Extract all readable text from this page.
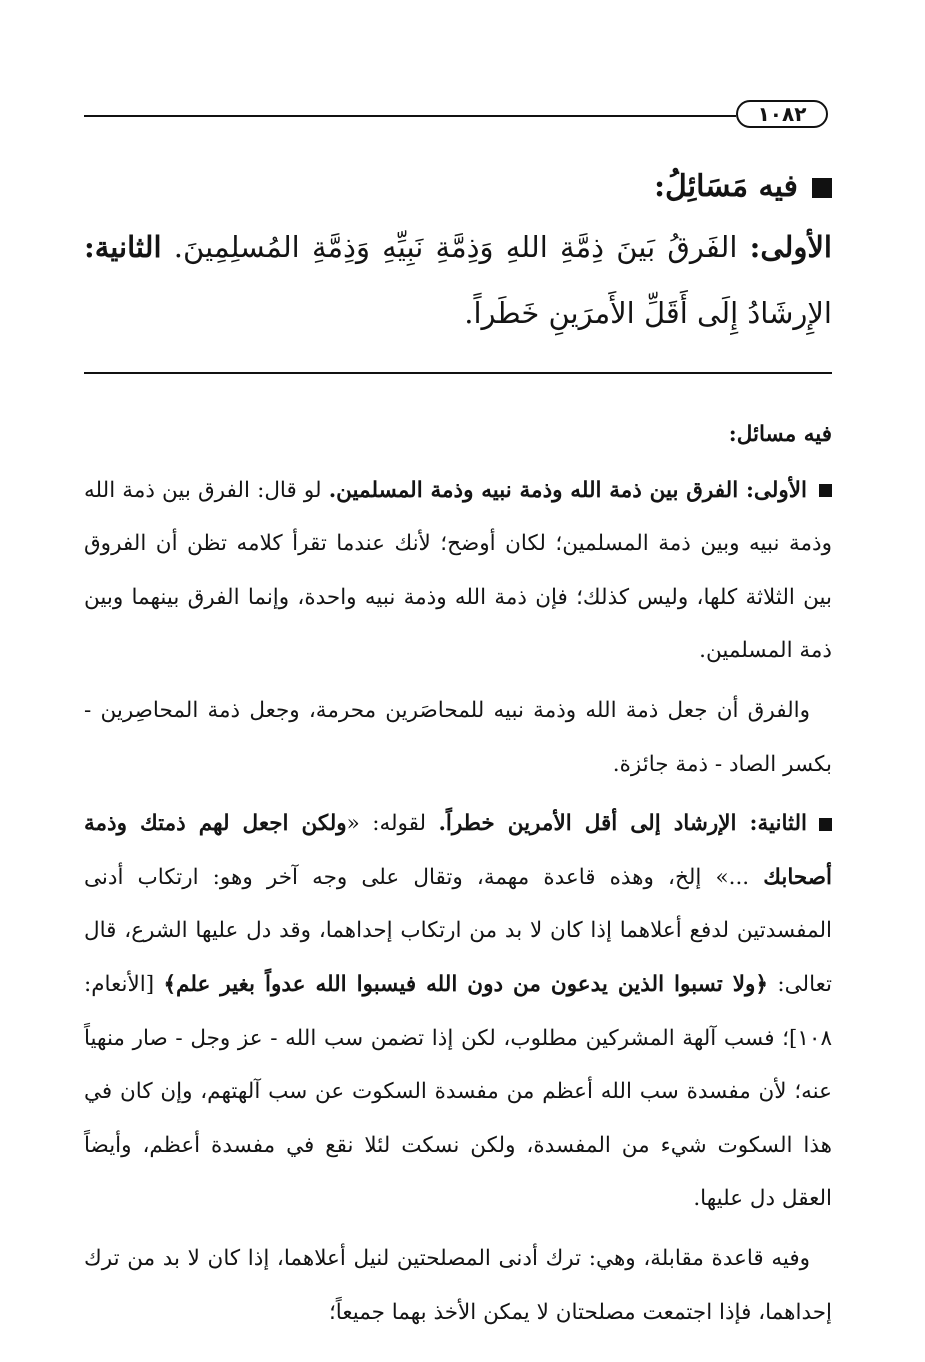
١٠٨٢

فيه مَسَائِلُ:

الأولى: الفَرقُ بَينَ ذِمَّةِ اللهِ وَذِمَّةِ نَبِيِّهِ وَذِمَّةِ المُسلِمِينَ. الثانية: الإِرشَادُ إِلَى أَقَلِّ الأَمرَينِ خَطَراً.

فيه مسائل:

الأولى: الفرق بين ذمة الله وذمة نبيه وذمة المسلمين. لو قال: الفرق بين ذمة الله وذمة نبيه وبين ذمة المسلمين؛ لكان أوضح؛ لأنك عندما تقرأ كلامه تظن أن الفروق بين الثلاثة كلها، وليس كذلك؛ فإن ذمة الله وذمة نبيه واحدة، وإنما الفرق بينهما وبين ذمة المسلمين.

والفرق أن جعل ذمة الله وذمة نبيه للمحاصَرين محرمة، وجعل ذمة المحاصِرين - بكسر الصاد - ذمة جائزة.

الثانية: الإرشاد إلى أقل الأمرين خطراً. لقوله: «ولكن اجعل لهم ذمتك وذمة أصحابك ...» إلخ، وهذه قاعدة مهمة، وتقال على وجه آخر وهو: ارتكاب أدنى المفسدتين لدفع أعلاهما إذا كان لا بد من ارتكاب إحداهما، وقد دل عليها الشرع، قال تعالى: ﴿ولا تسبوا الذين يدعون من دون الله فيسبوا الله عدواً بغير علم﴾ [الأنعام: ١٠٨]؛ فسب آلهة المشركين مطلوب، لكن إذا تضمن سب الله - عز وجل - صار منهياً عنه؛ لأن مفسدة سب الله أعظم من مفسدة السكوت عن سب آلهتهم، وإن كان في هذا السكوت شيء من المفسدة، ولكن نسكت لئلا نقع في مفسدة أعظم، وأيضاً العقل دل عليها.

وفيه قاعدة مقابلة، وهي: ترك أدنى المصلحتين لنيل أعلاهما، إذا كان لا بد من ترك إحداهما، فإذا اجتمعت مصلحتان لا يمكن الأخذ بهما جميعاً؛
